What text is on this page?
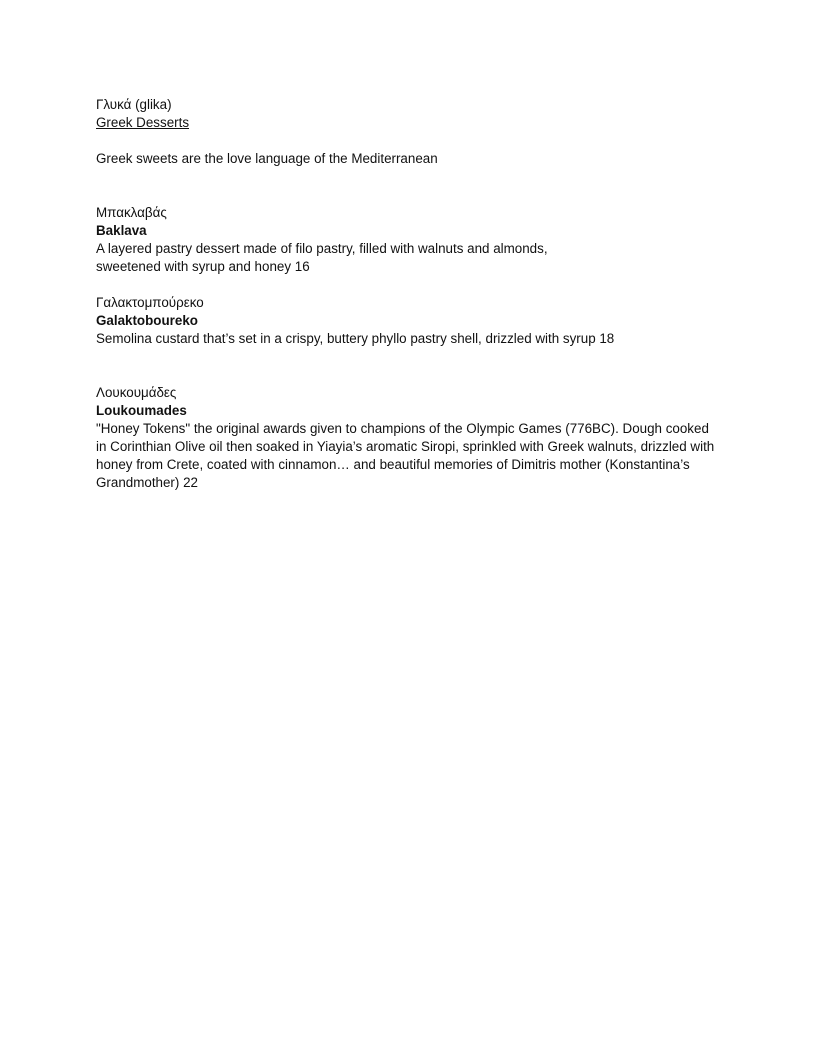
Γλυκά (glika)

Greek Desserts

Greek sweets are the love language of the Mediterranean

Μπακλαβάς

Baklava

A layered pastry dessert made of filo pastry, filled with walnuts and almonds,

sweetened with syrup and honey 16

Γαλακτομπούρεκο

Galaktoboureko

Semolina custard that’s set in a crispy, buttery phyllo pastry shell, drizzled with syrup 18

Λουκουμάδες

Loukoumades

"Honey Tokens" the original awards given to champions of the Olympic Games (776BC). Dough cooked

in Corinthian Olive oil then soaked in Yiayia’s aromatic Siropi, sprinkled with Greek walnuts, drizzled with

honey from Crete, coated with cinnamon… and beautiful memories of Dimitris mother (Konstantina’s

Grandmother) 22
